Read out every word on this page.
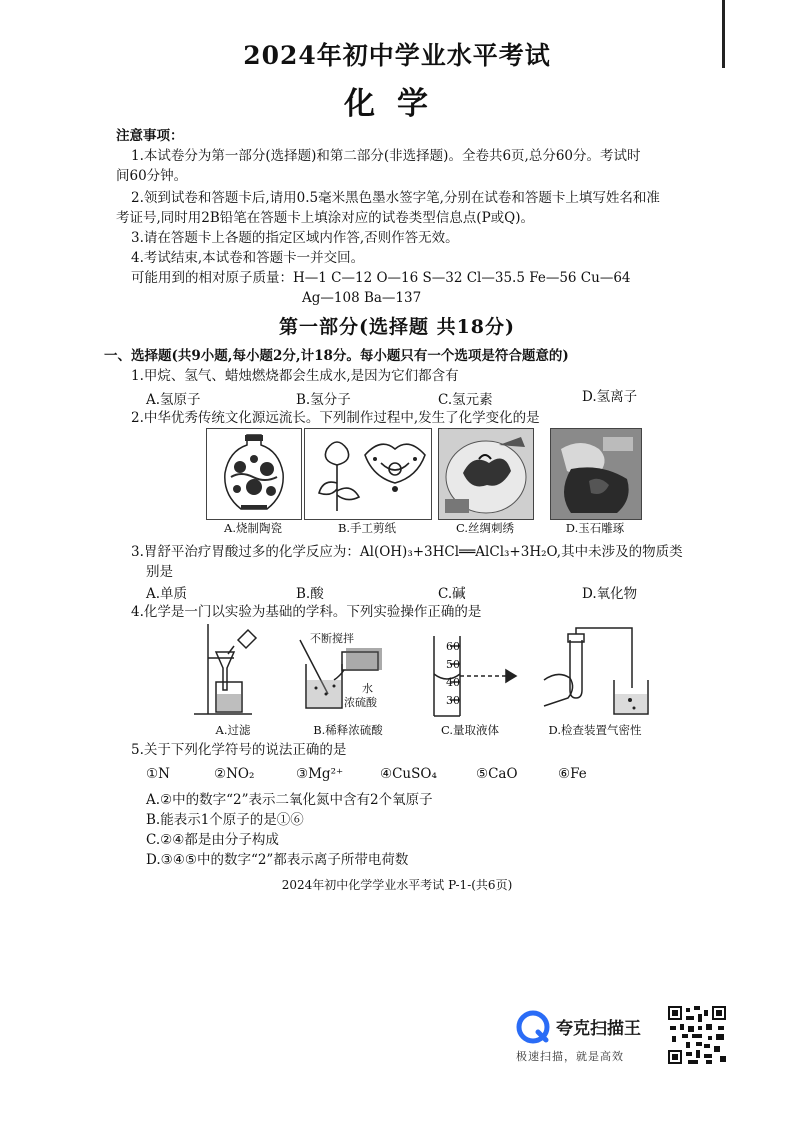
2024年初中学业水平考试
化学
注意事项：
1.本试卷分为第一部分(选择题)和第二部分(非选择题)。全卷共6页,总分60分。考试时
间60分钟。
2.领到试卷和答题卡后,请用0.5毫米黑色墨水签字笔,分别在试卷和答题卡上填写姓名和准
考证号,同时用2B铅笔在答题卡上填涂对应的试卷类型信息点(P或Q)。
3.请在答题卡上各题的指定区域内作答,否则作答无效。
4.考试结束,本试卷和答题卡一并交回。
可能用到的相对原子质量：H—1 C—12 O—16 S—32 Cl—35.5 Fe—56 Cu—64
Ag—108 Ba—137
第一部分(选择题 共18分)
一、选择题(共9小题,每小题2分,计18分。每小题只有一个选项是符合题意的)
1.甲烷、氢气、蜡烛燃烧都会生成水,是因为它们都含有
A.氢原子	B.氢分子	C.氢元素	D.氢离子
2.中华优秀传统文化源远流长。下列制作过程中,发生了化学变化的是
A.烧制陶瓷	B.手工剪纸	C.丝绸刺绣	D.玉石雕琢
3.胃舒平治疗胃酸过多的化学反应为：Al(OH)₃+3HCl══AlCl₃+3H₂O,其中未涉及的物质类
别是
A.单质	B.酸	C.碱	D.氧化物
4.化学是一门以实验为基础的学科。下列实验操作正确的是
不断搅拌
水
浓硫酸
60
50
40
30
A.过滤	B.稀释浓硫酸	C.量取液体	D.检查装置气密性
5.关于下列化学符号的说法正确的是
①N	②NO₂	③Mg²⁺	④CuSO₄	⑤CaO	⑥Fe
A.②中的数字“2”表示二氧化氮中含有2个氧原子
B.能表示1个原子的是①⑥
C.②④都是由分子构成
D.③④⑤中的数字“2”都表示离子所带电荷数
2024年初中化学学业水平考试 P-1-(共6页)
夸克扫描王
极速扫描，就是高效
